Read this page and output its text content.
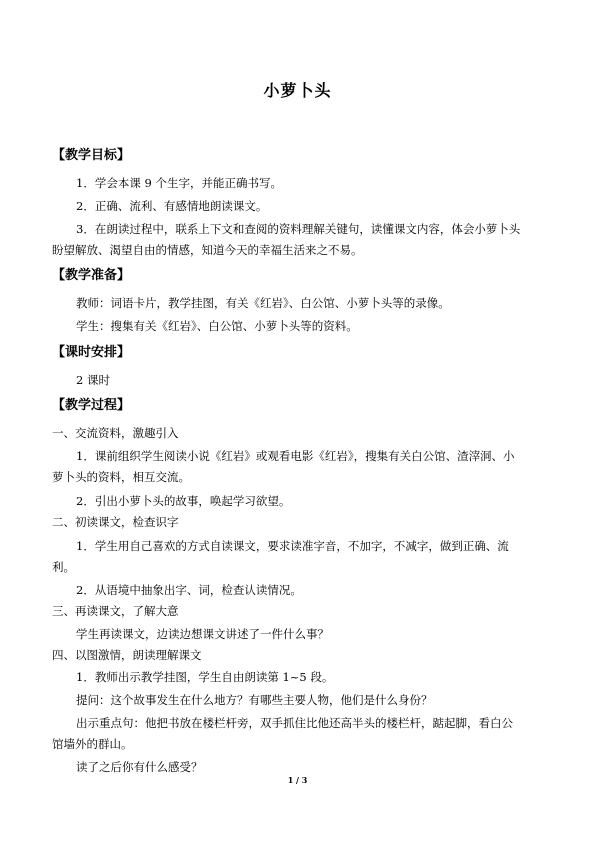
小萝卜头
【教学目标】
1．学会本课 9 个生字，并能正确书写。
2．正确、流利、有感情地朗读课文。
3．在朗读过程中，联系上下文和查阅的资料理解关键句，读懂课文内容，体会小萝卜头
盼望解放、渴望自由的情感，知道今天的幸福生活来之不易。
【教学准备】
教师：词语卡片，教学挂图，有关《红岩》、白公馆、小萝卜头等的录像。
学生：搜集有关《红岩》、白公馆、小萝卜头等的资料。
【课时安排】
2 课时
【教学过程】
一、交流资料，激趣引入
1．课前组织学生阅读小说《红岩》或观看电影《红岩》，搜集有关白公馆、渣滓洞、小
萝卜头的资料，相互交流。
2．引出小萝卜头的故事，唤起学习欲望。
二、初读课文，检查识字
1．学生用自己喜欢的方式自读课文，要求读准字音，不加字，不减字，做到正确、流
利。
2．从语境中抽象出字、词，检查认读情况。
三、再读课文，了解大意
学生再读课文，边读边想课文讲述了一件什么事？
四、以图激情，朗读理解课文
1．教师出示教学挂图，学生自由朗读第 1~5 段。
提问：这个故事发生在什么地方？有哪些主要人物，他们是什么身份？
出示重点句：他把书放在楼栏杆旁，双手抓住比他还高半头的楼栏杆，踮起脚，看白公
馆墙外的群山。
读了之后你有什么感受？
1 / 3
